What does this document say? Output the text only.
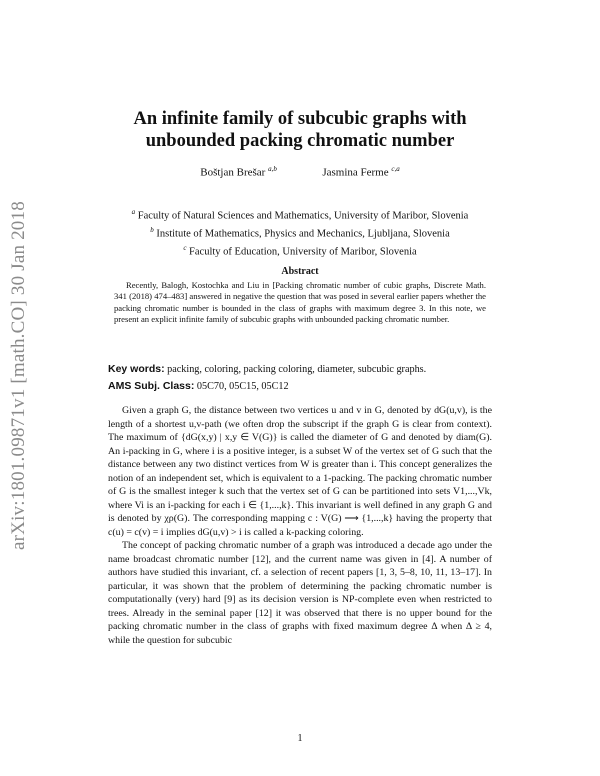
arXiv:1801.09871v1 [math.CO] 30 Jan 2018
An infinite family of subcubic graphs with
unbounded packing chromatic number
Boštjan Brešar $^{a,b}$	Jasmina Ferme $^{c,a}$
$^a$ Faculty of Natural Sciences and Mathematics, University of Maribor, Slovenia
$^b$ Institute of Mathematics, Physics and Mechanics, Ljubljana, Slovenia
$^c$ Faculty of Education, University of Maribor, Slovenia
Abstract

Recently, Balogh, Kostochka and Liu in [Packing chromatic number of cubic graphs, Discrete Math. 341 (2018) 474–483] answered in negative the question that was posed in several earlier papers whether the packing chromatic number is bounded in the class of graphs with maximum degree 3. In this note, we present an explicit infinite family of subcubic graphs with unbounded packing chromatic number.

Key words: packing, coloring, packing coloring, diameter, subcubic graphs.
AMS Subj. Class: 05C70, 05C15, 05C12

Given a graph G, the distance between two vertices u and v in G, denoted by dG(u,v), is the length of a shortest u,v-path (we often drop the subscript if the graph G is clear from context). The maximum of {dG(x,y) | x,y ∈ V(G)} is called the diameter of G and denoted by diam(G). An i-packing in G, where i is a positive integer, is a subset W of the vertex set of G such that the distance between any two distinct vertices from W is greater than i. This concept generalizes the notion of an independent set, which is equivalent to a 1-packing. The packing chromatic number of G is the smallest integer k such that the vertex set of G can be partitioned into sets V1,...,Vk, where Vi is an i-packing for each i ∈ {1,...,k}. This invariant is well defined in any graph G and is denoted by χρ(G). The corresponding mapping c : V(G) ⟶ {1,...,k} having the property that c(u) = c(v) = i implies dG(u,v) > i is called a k-packing coloring.

The concept of packing chromatic number of a graph was introduced a decade ago under the name broadcast chromatic number [12], and the current name was given in [4]. A number of authors have studied this invariant, cf. a selection of recent papers [1, 3, 5–8, 10, 11, 13–17]. In particular, it was shown that the problem of determining the packing chromatic number is computationally (very) hard [9] as its decision version is NP-complete even when restricted to trees. Already in the seminal paper [12] it was observed that there is no upper bound for the packing chromatic number in the class of graphs with fixed maximum degree Δ when Δ ≥ 4, while the question for subcubic

1
